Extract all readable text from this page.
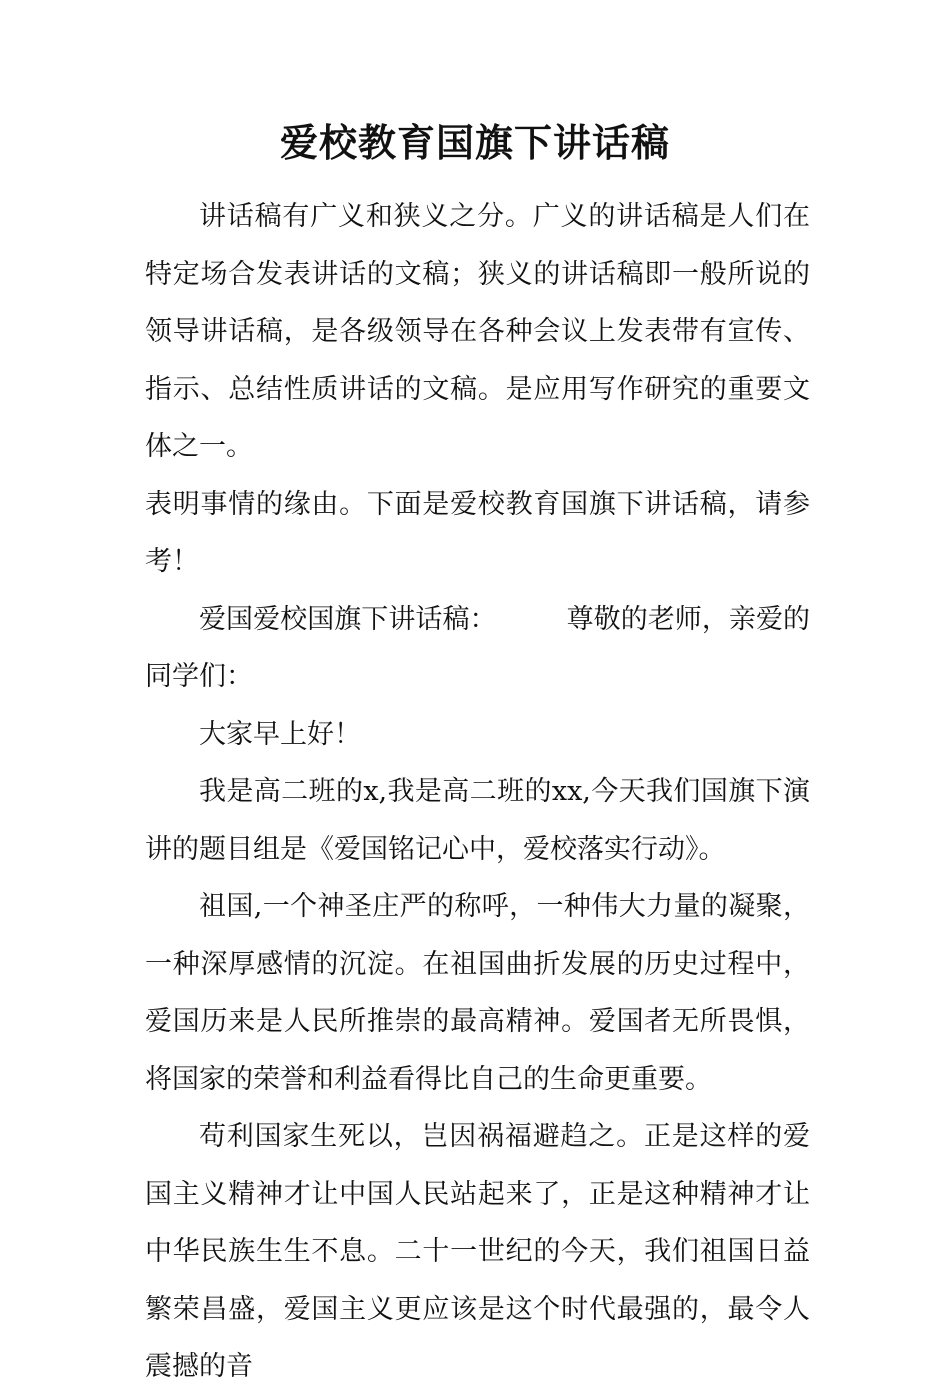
爱校教育国旗下讲话稿

讲话稿有广义和狭义之分。广义的讲话稿是人们在特定场合发表讲话的文稿；狭义的讲话稿即一般所说的领导讲话稿，是各级领导在各种会议上发表带有宣传、指示、总结性质讲话的文稿。是应用写作研究的重要文体之一。

表明事情的缘由。下面是爱校教育国旗下讲话稿，请参考！

爱国爱校国旗下讲话稿：	尊敬的老师，亲爱的同学们：

大家早上好！

我是高二班的x,我是高二班的xx,今天我们国旗下演讲的题目组是《爱国铭记心中，爱校落实行动》。

祖国,一个神圣庄严的称呼，一种伟大力量的凝聚，一种深厚感情的沉淀。在祖国曲折发展的历史过程中，爱国历来是人民所推崇的最高精神。爱国者无所畏惧，将国家的荣誉和利益看得比自己的生命更重要。

苟利国家生死以，岂因祸福避趋之。正是这样的爱国主义精神才让中国人民站起来了，正是这种精神才让中华民族生生不息。二十一世纪的今天，我们祖国日益繁荣昌盛，爱国主义更应该是这个时代最强的，最令人震撼的音
